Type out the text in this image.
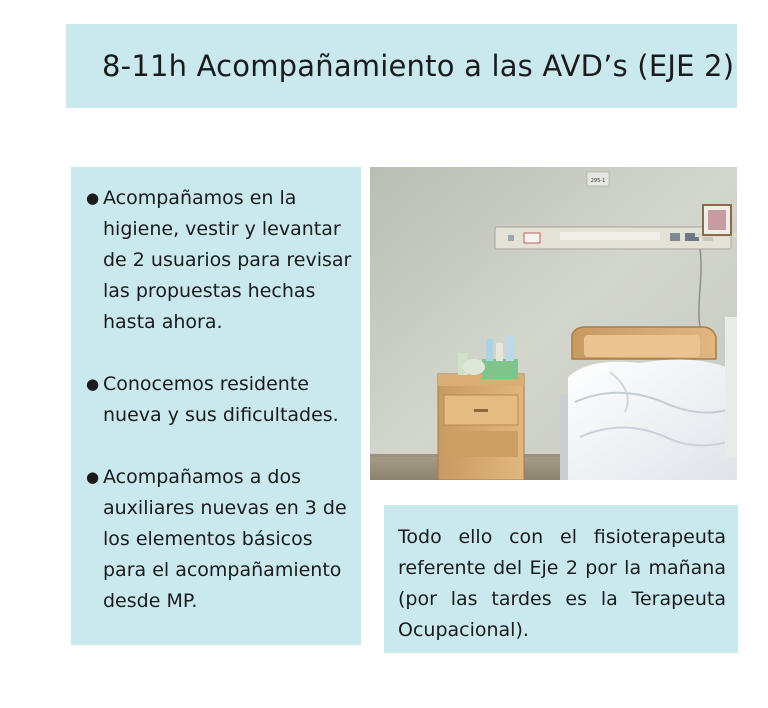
8-11h Acompañamiento a las AVD’s (EJE 2)
● Acompañamos en la higiene, vestir y levantar de 2 usuarios para revisar las propuestas hechas hasta ahora.
● Conocemos residente nueva y sus dificultades.
● Acompañamos a dos auxiliares nuevas en 3 de los elementos básicos para el acompañamiento desde MP.
295-1
Todo ello con el fisioterapeuta referente del Eje 2 por la mañana (por las tardes es la Terapeuta Ocupacional).
